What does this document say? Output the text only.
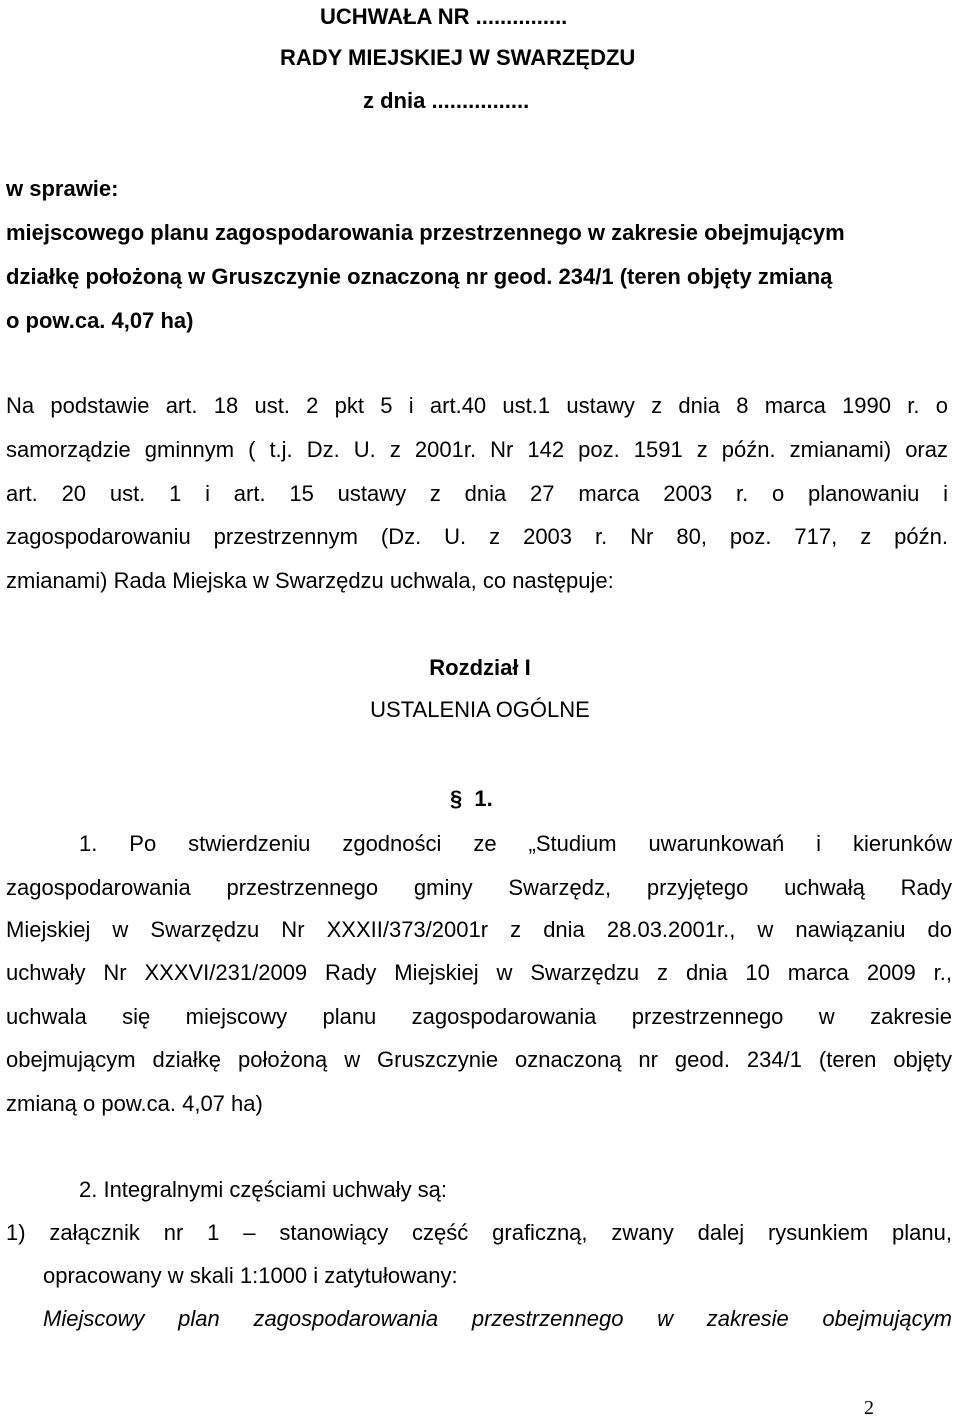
UCHWAŁA NR ...............
RADY MIEJSKIEJ W SWARZĘDZU
z dnia ................
w sprawie:
miejscowego planu zagospodarowania przestrzennego w zakresie obejmującym
działkę położoną w Gruszczynie oznaczoną nr geod. 234/1 (teren objęty zmianą
o pow.ca. 4,07 ha)
Na podstawie art. 18 ust. 2 pkt 5 i art.40 ust.1 ustawy z dnia 8 marca 1990 r. o
samorządzie gminnym ( t.j. Dz. U. z 2001r. Nr 142 poz. 1591 z późn. zmianami) oraz
art. 20 ust. 1 i art. 15 ustawy z dnia 27 marca 2003 r. o planowaniu i
zagospodarowaniu przestrzennym (Dz. U. z 2003 r. Nr 80, poz. 717, z późn.
zmianami) Rada Miejska w Swarzędzu uchwala, co następuje:
Rozdział I
USTALENIA OGÓLNE
§ 1.
1. Po stwierdzeniu zgodności ze „Studium uwarunkowań i kierunków
zagospodarowania przestrzennego gminy Swarzędz, przyjętego uchwałą Rady
Miejskiej w Swarzędzu Nr XXXII/373/2001r z dnia 28.03.2001r., w nawiązaniu do
uchwały Nr XXXVI/231/2009 Rady Miejskiej w Swarzędzu z dnia 10 marca 2009 r.,
uchwala się miejscowy planu zagospodarowania przestrzennego w zakresie
obejmującym działkę położoną w Gruszczynie oznaczoną nr geod. 234/1 (teren objęty
zmianą o pow.ca. 4,07 ha)
2. Integralnymi częściami uchwały są:
1) załącznik nr 1 – stanowiący część graficzną, zwany dalej rysunkiem planu,
opracowany w skali 1:1000 i zatytułowany:
Miejscowy plan zagospodarowania przestrzennego w zakresie obejmującym
2
